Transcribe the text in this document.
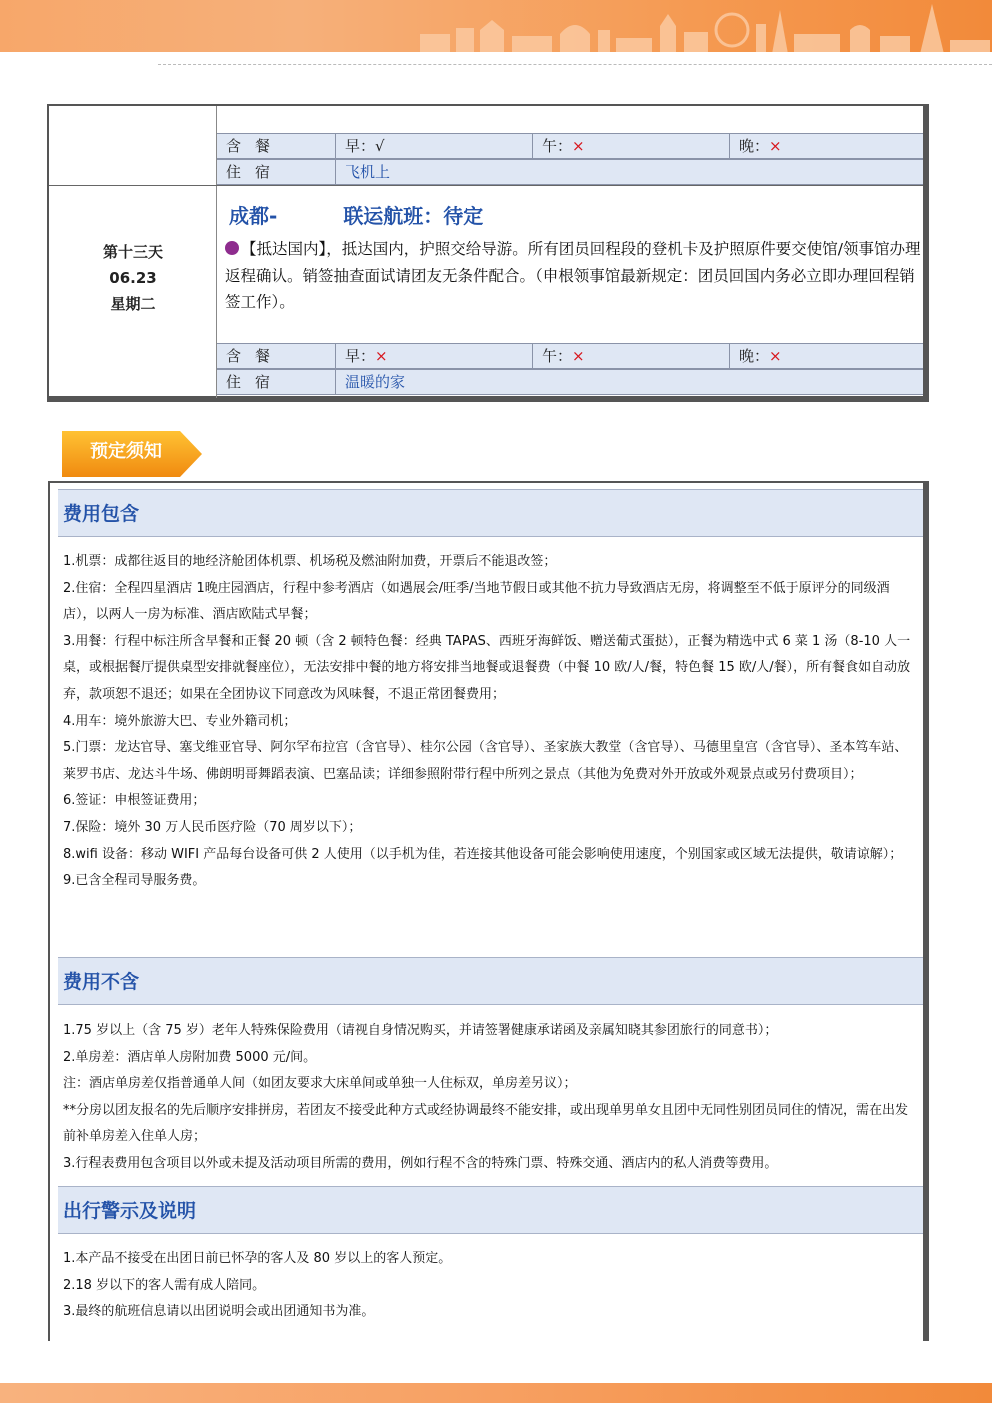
含餐	早：√	午：×	晚：×
住宿	飞机上
第十三天
06.23
星期二
成都-	联运航班：待定
【抵达国内】，抵达国内，护照交给导游。所有团员回程段的登机卡及护照原件要交使馆/领事馆办理返程确认。销签抽查面试请团友无条件配合。（申根领事馆最新规定：团员回国内务必立即办理回程销签工作）。
含餐	早：×	午：×	晚：×
住宿	温暖的家
预定须知
费用包含

1.机票：成都往返目的地经济舱团体机票、机场税及燃油附加费，开票后不能退改签；

2.住宿：全程四星酒店 1晚庄园酒店，行程中参考酒店（如遇展会/旺季/当地节假日或其他不抗力导致酒店无房，将调整至不低于原评分的同级酒店），以两人一房为标准、酒店欧陆式早餐；

3.用餐：行程中标注所含早餐和正餐 20 顿（含 2 顿特色餐：经典 TAPAS、西班牙海鲜饭、赠送葡式蛋挞），正餐为精选中式 6 菜 1 汤（8-10 人一桌，或根据餐厅提供桌型安排就餐座位），无法安排中餐的地方将安排当地餐或退餐费（中餐 10 欧/人/餐，特色餐 15 欧/人/餐），所有餐食如自动放弃，款项恕不退还；如果在全团协议下同意改为风味餐，不退正常团餐费用；

4.用车：境外旅游大巴、专业外籍司机；

5.门票：龙达官导、塞戈维亚官导、阿尔罕布拉宫（含官导）、桂尔公园（含官导）、圣家族大教堂（含官导）、马德里皇宫（含官导）、圣本笃车站、莱罗书店、龙达斗牛场、佛朗明哥舞蹈表演、巴塞品读；详细参照附带行程中所列之景点（其他为免费对外开放或外观景点或另付费项目）；

6.签证：申根签证费用；

7.保险：境外 30 万人民币医疗险（70 周岁以下）；

8.wifi 设备：移动 WIFI 产品每台设备可供 2 人使用（以手机为佳，若连接其他设备可能会影响使用速度，个别国家或区域无法提供，敬请谅解）；

9.已含全程司导服务费。

费用不含

1.75 岁以上（含 75 岁）老年人特殊保险费用（请视自身情况购买，并请签署健康承诺函及亲属知晓其参团旅行的同意书）；

2.单房差：酒店单人房附加费 5000 元/间。

注：酒店单房差仅指普通单人间（如团友要求大床单间或单独一人住标双，单房差另议）；

**分房以团友报名的先后顺序安排拼房，若团友不接受此种方式或经协调最终不能安排，或出现单男单女且团中无同性别团员同住的情况，需在出发前补单房差入住单人房；

3.行程表费用包含项目以外或未提及活动项目所需的费用，例如行程不含的特殊门票、特殊交通、酒店内的私人消费等费用。

出行警示及说明

1.本产品不接受在出团日前已怀孕的客人及 80 岁以上的客人预定。

2.18 岁以下的客人需有成人陪同。

3.最终的航班信息请以出团说明会或出团通知书为准。
